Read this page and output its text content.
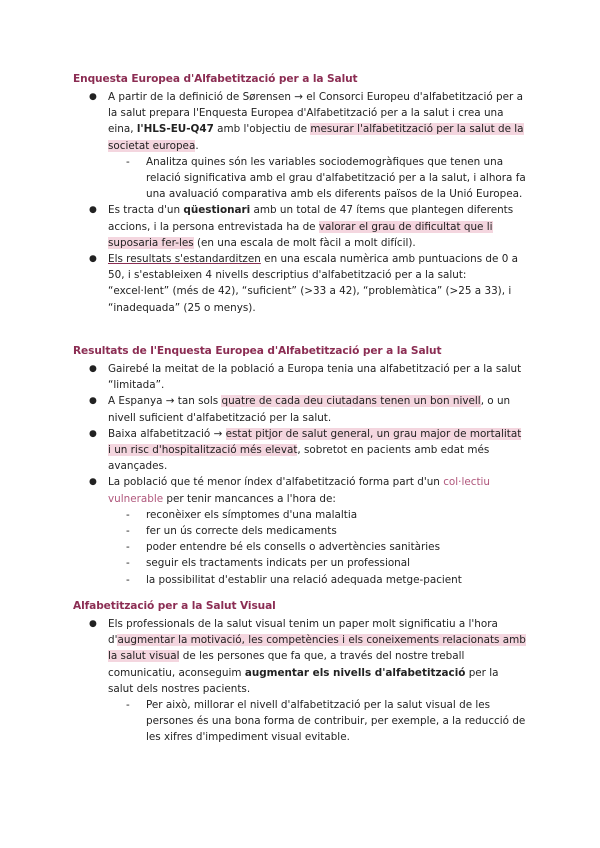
Enquesta Europea d'Alfabetització per a la Salut
● A partir de la definició de Sørensen → el Consorci Europeu d'alfabetització per a la salut prepara l'Enquesta Europea d'Alfabetització per a la salut i crea una eina, l'HLS-EU-Q47 amb l'objectiu de mesurar l'alfabetització per la salut de la societat europea.
- Analitza quines són les variables sociodemogràfiques que tenen una relació significativa amb el grau d'alfabetització per a la salut, i alhora fa una avaluació comparativa amb els diferents països de la Unió Europea.
● Es tracta d'un qüestionari amb un total de 47 ítems que plantegen diferents accions, i la persona entrevistada ha de valorar el grau de dificultat que li suposaria fer-les (en una escala de molt fàcil a molt difícil).
● Els resultats s'estandarditzen en una escala numèrica amb puntuacions de 0 a 50, i s'estableixen 4 nivells descriptius d'alfabetització per a la salut: “excel·lent” (més de 42), “suficient” (>33 a 42), “problemàtica” (>25 a 33), i “inadequada” (25 o menys).
Resultats de l'Enquesta Europea d'Alfabetització per a la Salut
● Gairebé la meitat de la població a Europa tenia una alfabetització per a la salut “limitada”.
● A Espanya → tan sols quatre de cada deu ciutadans tenen un bon nivell, o un nivell suficient d'alfabetització per la salut.
● Baixa alfabetització → estat pitjor de salut general, un grau major de mortalitat i un risc d'hospitalització més elevat, sobretot en pacients amb edat més avançades.
● La població que té menor índex d'alfabetització forma part d'un col·lectiu vulnerable per tenir mancances a l'hora de:
- reconèixer els símptomes d'una malaltia
- fer un ús correcte dels medicaments
- poder entendre bé els consells o advertències sanitàries
- seguir els tractaments indicats per un professional
- la possibilitat d'establir una relació adequada metge-pacient
Alfabetització per a la Salut Visual
● Els professionals de la salut visual tenim un paper molt significatiu a l'hora d'augmentar la motivació, les competències i els coneixements relacionats amb la salut visual de les persones que fa que, a través del nostre treball comunicatiu, aconseguim augmentar els nivells d'alfabetització per la salut dels nostres pacients.
- Per això, millorar el nivell d'alfabetització per la salut visual de les persones és una bona forma de contribuir, per exemple, a la reducció de les xifres d'impediment visual evitable.
